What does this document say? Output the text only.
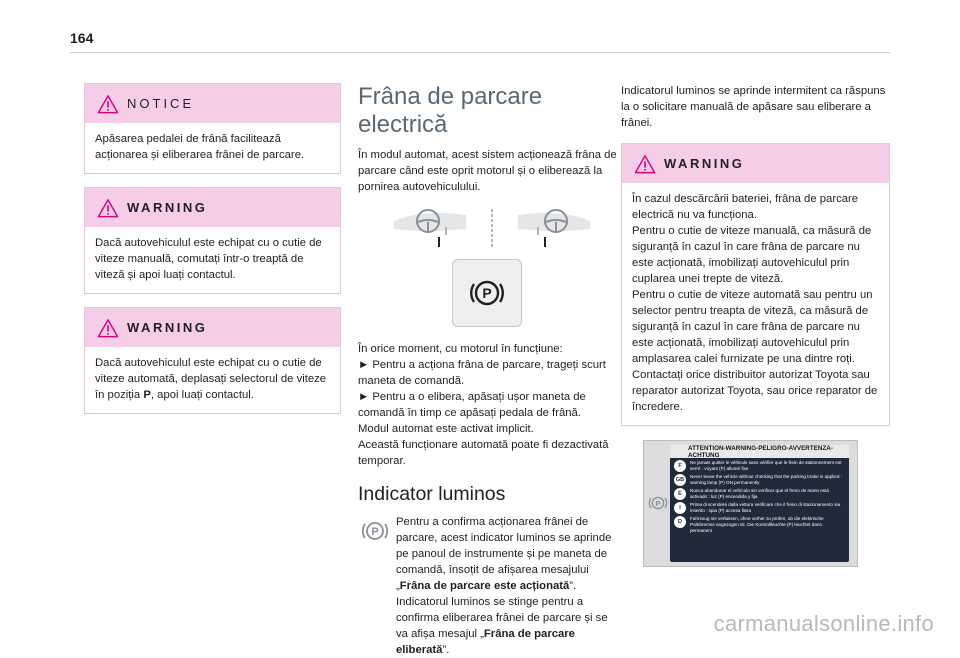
164
NOTICE
Apăsarea pedalei de frână facilitează acționarea și eliberarea frânei de parcare.
WARNING
Dacă autovehiculul este echipat cu o cutie de viteze manuală, comutați într-o treaptă de viteză și apoi luați contactul.
WARNING
Dacă autovehiculul este echipat cu o cutie de viteze automată, deplasați selectorul de viteze în poziția P, apoi luați contactul.
Frâna de parcare electrică

În modul automat, acest sistem acționează frâna de parcare când este oprit motorul și o eliberează la pornirea autovehiculului.

P

În orice moment, cu motorul în funcțiune:
► Pentru a acționa frâna de parcare, trageți scurt maneta de comandă.
► Pentru a o elibera, apăsați ușor maneta de comandă în timp ce apăsați pedala de frână.
Modul automat este activat implicit.
Această funcționare automată poate fi dezactivată temporar.

Indicator luminos
P

Pentru a confirma acționarea frânei de parcare, acest indicator luminos se aprinde pe panoul de instrumente și pe maneta de comandă, însoțit de afișarea mesajului „Frâna de parcare este acționată”.
Indicatorul luminos se stinge pentru a confirma eliberarea frânei de parcare și se va afișa mesajul „Frâna de parcare eliberată”.

Indicatorul luminos se aprinde intermitent ca răspuns la o solicitare manuală de apăsare sau eliberare a frânei.

WARNING
În cazul descărcării bateriei, frâna de parcare electrică nu va funcționa.
Pentru o cutie de viteze manuală, ca măsură de siguranță în cazul în care frâna de parcare nu este acționată, imobilizați autovehiculul prin cuplarea unei trepte de viteză.
Pentru o cutie de viteze automată sau pentru un selector pentru treapta de viteză, ca măsură de siguranță în cazul în care frâna de parcare nu este acționată, imobilizați autovehiculul prin amplasarea calei furnizate pe una dintre roți.
Contactați orice distribuitor autorizat Toyota sau reparator autorizat Toyota, sau orice reparator de încredere.
P
ATTENTION-WARNING-PELIGRO-AVVERTENZA-ACHTUNG
F
Ne jamais quitter le véhicule sans vérifier que le frein de stationnement est serré : voyant (P) allumé fixe
GB
Never leave the vehicle without checking that the parking brake is applied : warning lamp (P) ON permanently
E
Nunca abandonar el vehículo sin verificar que el freno de mano está activado : luz (P) encendida y fija
I
Prima di scendere dalla vettura verificare che il freno di stazionamento sia inserito : spia (P) accesa fissa
D
Fahrzeug nie verlassen, ohne vorher zu prüfen, ob die elektrische Parkbremse angezogen ist. Die Kontrollleuchte (P) leuchtet dann permanent
carmanualsonline.info
